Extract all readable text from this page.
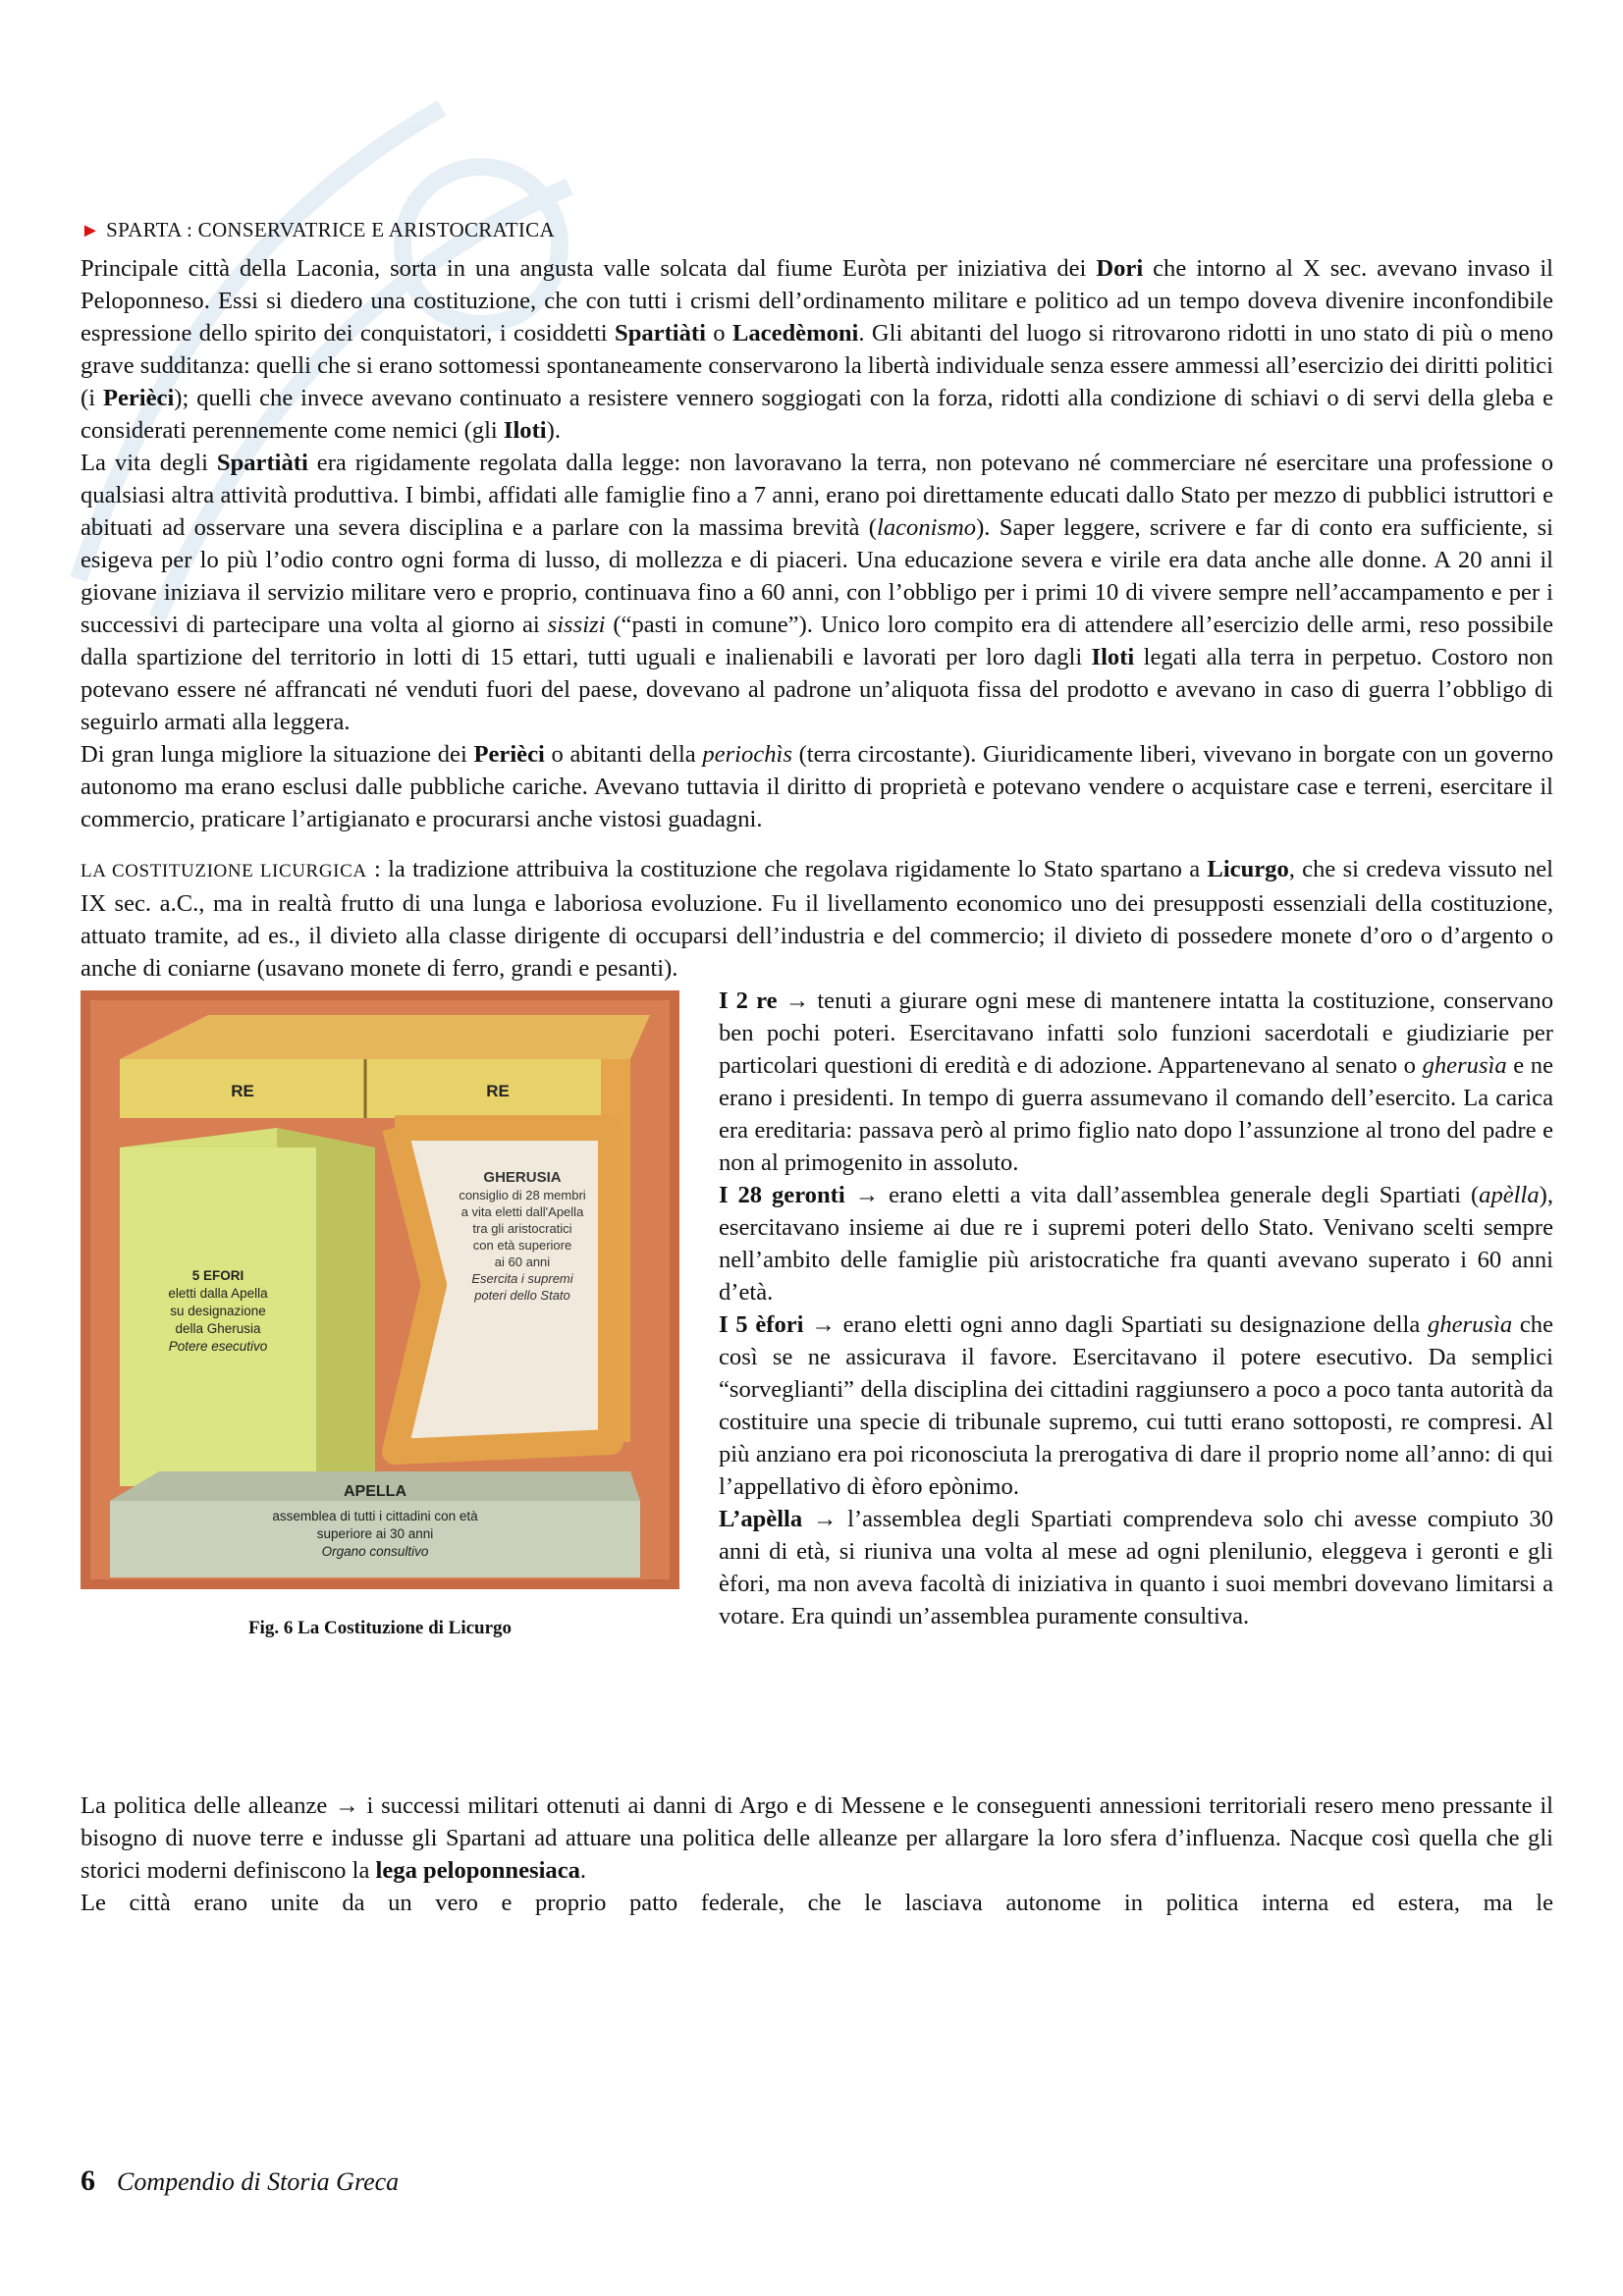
► SPARTA : CONSERVATRICE E ARISTOCRATICA

Principale città della Laconia, sorta in una angusta valle solcata dal fiume Euròta per iniziativa dei Dori che intorno al X sec. avevano invaso il Peloponneso. Essi si diedero una costituzione, che con tutti i crismi dell’ordinamento militare e politico ad un tempo doveva divenire inconfondibile espressione dello spirito dei conquistatori, i cosiddetti Spartiàti o Lacedèmoni. Gli abitanti del luogo si ritrovarono ridotti in uno stato di più o meno grave sudditanza: quelli che si erano sottomessi spontaneamente conservarono la libertà individuale senza essere ammessi all’esercizio dei diritti politici (i Perièci); quelli che invece avevano continuato a resistere vennero soggiogati con la forza, ridotti alla condizione di schiavi o di servi della gleba e considerati perennemente come nemici (gli Iloti).

La vita degli Spartiàti era rigidamente regolata dalla legge: non lavoravano la terra, non potevano né commerciare né esercitare una professione o qualsiasi altra attività produttiva. I bimbi, affidati alle famiglie fino a 7 anni, erano poi direttamente educati dallo Stato per mezzo di pubblici istruttori e abituati ad osservare una severa disciplina e a parlare con la massima brevità (laconismo). Saper leggere, scrivere e far di conto era sufficiente, si esigeva per lo più l’odio contro ogni forma di lusso, di mollezza e di piaceri. Una educazione severa e virile era data anche alle donne. A 20 anni il giovane iniziava il servizio militare vero e proprio, continuava fino a 60 anni, con l’obbligo per i primi 10 di vivere sempre nell’accampamento e per i successivi di partecipare una volta al giorno ai sissizi (“pasti in comune”). Unico loro compito era di attendere all’esercizio delle armi, reso possibile dalla spartizione del territorio in lotti di 15 ettari, tutti uguali e inalienabili e lavorati per loro dagli Iloti legati alla terra in perpetuo. Costoro non potevano essere né affrancati né venduti fuori del paese, dovevano al padrone un’aliquota fissa del prodotto e avevano in caso di guerra l’obbligo di seguirlo armati alla leggera.

Di gran lunga migliore la situazione dei Perièci o abitanti della periochìs (terra circostante). Giuridicamente liberi, vivevano in borgate con un governo autonomo ma erano esclusi dalle pubbliche cariche. Avevano tuttavia il diritto di proprietà e potevano vendere o acquistare case e terreni, esercitare il commercio, praticare l’artigianato e procurarsi anche vistosi guadagni.

LA COSTITUZIONE LICURGICA : la tradizione attribuiva la costituzione che regolava rigidamente lo Stato spartano a Licurgo, che si credeva vissuto nel IX sec. a.C., ma in realtà frutto di una lunga e laboriosa evoluzione. Fu il livellamento economico uno dei presupposti essenziali della costituzione, attuato tramite, ad es., il divieto alla classe dirigente di occuparsi dell’industria e del commercio; il divieto di possedere monete d’oro o d’argento o anche di coniarne (usavano monete di ferro, grandi e pesanti).

RE	RE
5 EFORI
eletti dalla Apella
su designazione
della Gherusia
Potere esecutivo
GHERUSIA
consiglio di 28 membri
a vita eletti dall'Apella
tra gli aristocratici
con età superiore
ai 60 anni
Esercita i supremi
poteri dello Stato
APELLA
assemblea di tutti i cittadini con età
superiore ai 30 anni
Organo consultivo
Fig. 6 La Costituzione di Licurgo

I 2 re → tenuti a giurare ogni mese di mantenere intatta la costituzione, conservano ben pochi poteri. Esercitavano infatti solo funzioni sacerdotali e giudiziarie per particolari questioni di eredità e di adozione. Appartenevano al senato o gherusìa e ne erano i presidenti. In tempo di guerra assumevano il comando dell’esercito. La carica era ereditaria: passava però al primo figlio nato dopo l’assunzione al trono del padre e non al primogenito in assoluto.

I 28 geronti → erano eletti a vita dall’assemblea generale degli Spartiati (apèlla), esercitavano insieme ai due re i supremi poteri dello Stato. Venivano scelti sempre nell’ambito delle famiglie più aristocratiche fra quanti avevano superato i 60 anni d’età.

I 5 èfori → erano eletti ogni anno dagli Spartiati su designazione della gherusìa che così se ne assicurava il favore. Esercitavano il potere esecutivo. Da semplici “sorveglianti” della disciplina dei cittadini raggiunsero a poco a poco tanta autorità da costituire una specie di tribunale supremo, cui tutti erano sottoposti, re compresi. Al più anziano era poi riconosciuta la prerogativa di dare il proprio nome all’anno: di qui l’appellativo di èforo epònimo.

L’apèlla → l’assemblea degli Spartiati comprendeva solo chi avesse compiuto 30 anni di età, si riuniva una volta al mese ad ogni plenilunio, eleggeva i geronti e gli èfori, ma non aveva facoltà di iniziativa in quanto i suoi membri dovevano limitarsi a votare. Era quindi un’assemblea puramente consultiva.

La politica delle alleanze → i successi militari ottenuti ai danni di Argo e di Messene e le conseguenti annessioni territoriali resero meno pressante il bisogno di nuove terre e indusse gli Spartani ad attuare una politica delle alleanze per allargare la loro sfera d’influenza. Nacque così quella che gli storici moderni definiscono la lega peloponnesiaca.

Le città erano unite da un vero e proprio patto federale, che le lasciava autonome in politica interna ed estera, ma le

6 Compendio di Storia Greca
